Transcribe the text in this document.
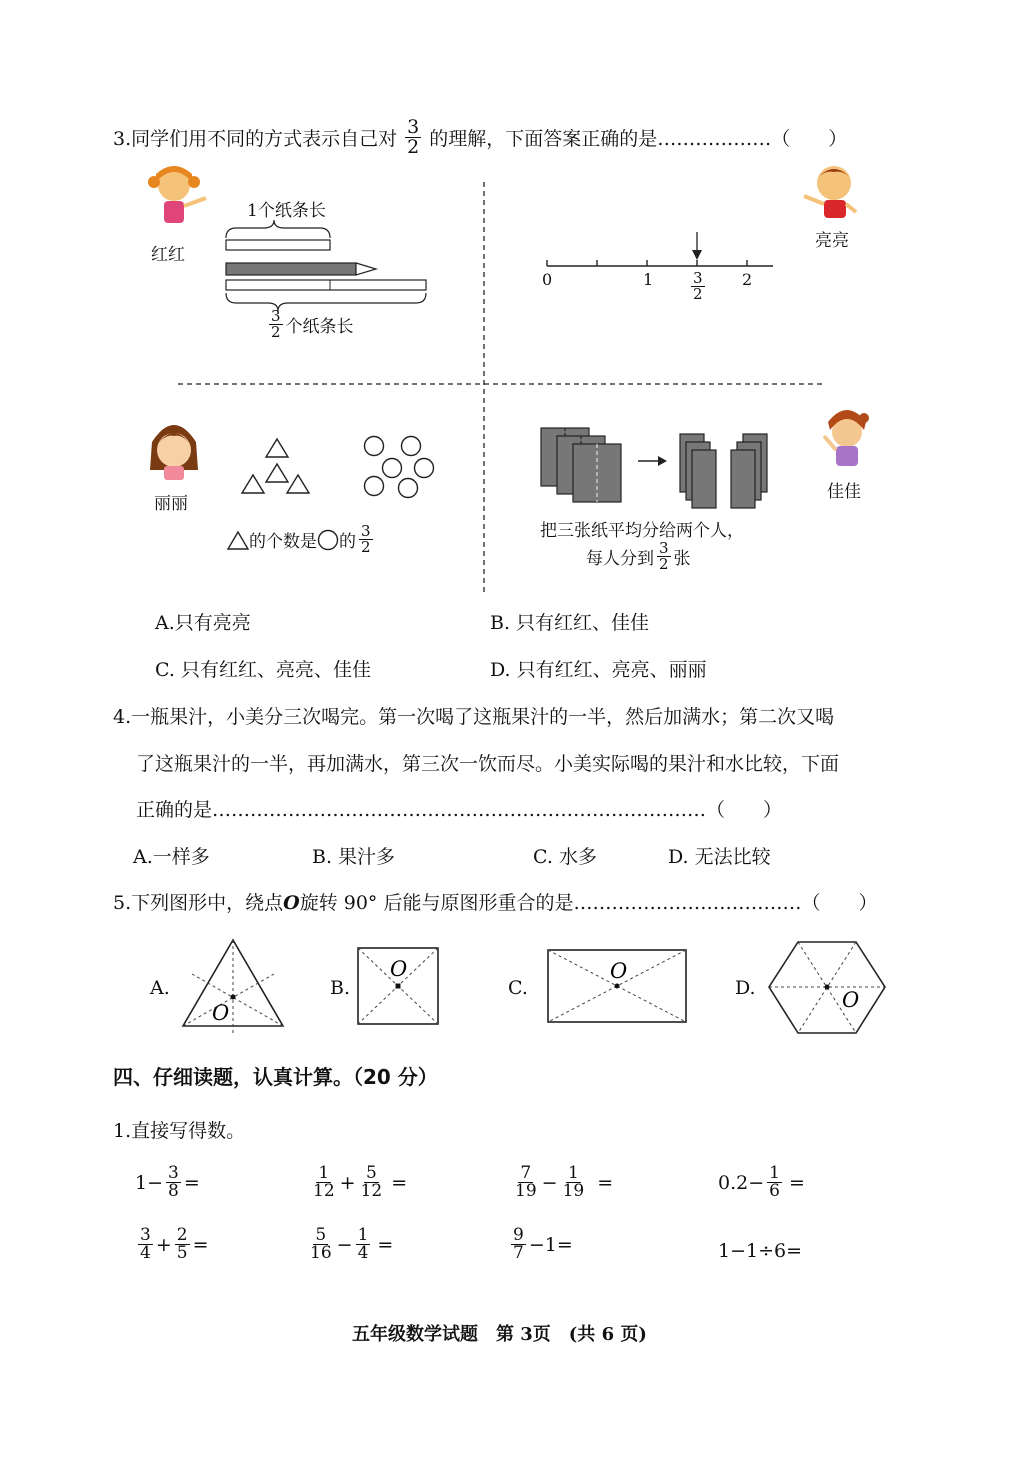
3.同学们用不同的方式表示自己对 $\frac{3}{2}$ 的理解，下面答案正确的是………………（　　）
红红
1个纸条长
$\frac{3}{2}$ 个纸条长
亮亮
0	1	2
$\frac{3}{2}$
丽丽
的个数是 的 $\frac{3}{2}$
佳佳
把三张纸平均分给两个人，
每人分到 $\frac{3}{2}$ 张
A.只有亮亮	B. 只有红红、佳佳
C. 只有红红、亮亮、佳佳	D. 只有红红、亮亮、丽丽
4.一瓶果汁，小美分三次喝完。第一次喝了这瓶果汁的一半，然后加满水；第二次又喝
了这瓶果汁的一半，再加满水，第三次一饮而尽。小美实际喝的果汁和水比较，下面
正确的是……………………………………………………………………（　　）
A.一样多	B. 果汁多	C. 水多	D. 无法比较
5.下列图形中，绕点O旋转 90° 后能与原图形重合的是………………………………（　　）
A.	B.	C.	D.
O
O	O
O
四、仔细读题，认真计算。（20 分）
1.直接写得数。
$1- \frac{3}{8}$ =	$\frac{1}{12} + \frac{5}{12}$ =	$\frac{7}{19} - \frac{1}{19}$ =	$0.2- \frac{1}{6}$ =
$\frac{3}{4} + \frac{2}{5}$ =	$\frac{5}{16} - \frac{1}{4}$ =	$\frac{9}{7} -1$ =	1−1÷6=
五年级数学试题　第 3页　(共 6 页)
